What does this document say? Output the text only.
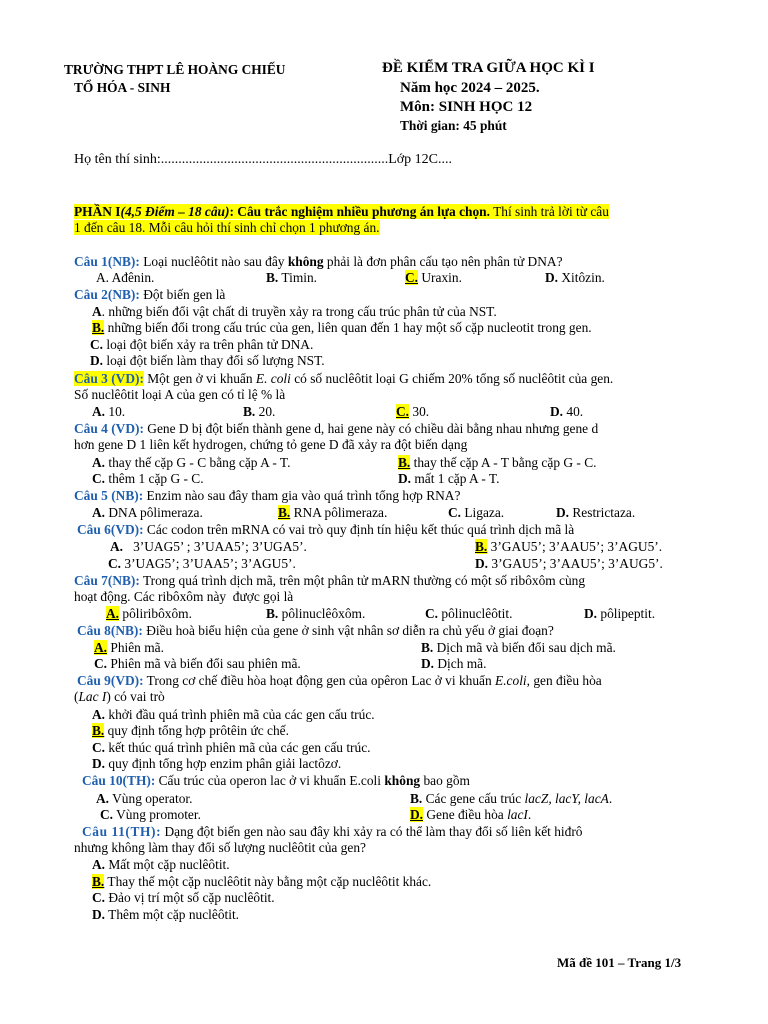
TRƯỜNG THPT LÊ HOÀNG CHIẾU
TỔ HÓA - SINH
ĐỀ KIỂM TRA GIỮA HỌC KÌ I
Năm học 2024 – 2025.
Môn: SINH HỌC 12
Thời gian: 45 phút
Họ tên thí sinh:.................................................................Lớp 12C....
PHẦN I(4,5 Điểm – 18 câu): Câu trắc nghiệm nhiều phương án lựa chọn. Thí sinh trả lời từ câu
1 đến câu 18. Mỗi câu hỏi thí sinh chỉ chọn 1 phương án.
Câu 1(NB): Loại nuclêôtit nào sau đây không phải là đơn phân cấu tạo nên phân tử DNA?
A. Ađênin.	B. Timin.	C. Uraxin.	D. Xitôzin.
Câu 2(NB): Đột biến gen là
A. những biến đổi vật chất di truyền xảy ra trong cấu trúc phân tử của NST.
B. những biến đổi trong cấu trúc của gen, liên quan đến 1 hay một số cặp nucleotit trong gen.
C. loại đột biến xảy ra trên phân tử DNA.
D. loại đột biến làm thay đổi số lượng NST.
Câu 3 (VD): Một gen ở vi khuẩn E. coli có số nuclêôtit loại G chiếm 20% tổng số nuclêôtit của gen.
Số nuclêôtit loại A của gen có tỉ lệ % là
A. 10.	B. 20.	C. 30.	D. 40.
Câu 4 (VD): Gene D bị đột biến thành gene d, hai gene này có chiều dài bằng nhau nhưng gene d
hơn gene D 1 liên kết hydrogen, chứng tỏ gene D đã xảy ra đột biến dạng
A. thay thế cặp G - C bằng cặp A - T.	B. thay thế cặp A - T bằng cặp G - C.
C. thêm 1 cặp G - C.	D. mất 1 cặp A - T.
Câu 5 (NB): Enzim nào sau đây tham gia vào quá trình tổng hợp RNA?
A. DNA pôlimeraza.	B. RNA pôlimeraza.	C. Ligaza.	D. Restrictaza.
Câu 6(VD): Các codon trên mRNA có vai trò quy định tín hiệu kết thúc quá trình dịch mã là
A.   3’UAG5’ ; 3’UAA5’; 3’UGA5’.	B. 3’GAU5’; 3’AAU5’; 3’AGU5’.
C. 3’UAG5’; 3’UAA5’; 3’AGU5’.	D. 3’GAU5’; 3’AAU5’; 3’AUG5’.
Câu 7(NB): Trong quá trình dịch mã, trên một phân tử mARN thường có một số ribôxôm cùng
hoạt động. Các ribôxôm này  được gọi là
A. pôliribôxôm.	B. pôlinuclêôxôm.	C. pôlinuclêôtit.	D. pôlipeptit.
Câu 8(NB): Điều hoà biểu hiện của gene ở sinh vật nhân sơ diễn ra chủ yếu ở giai đoạn?
A. Phiên mã.	B. Dịch mã và biến đổi sau dịch mã.
C. Phiên mã và biến đổi sau phiên mã.	D. Dịch mã.
Câu 9(VD): Trong cơ chế điều hòa hoạt động gen của opêron Lac ở vi khuẩn E.coli, gen điều hòa
(Lac I) có vai trò
A. khởi đầu quá trình phiên mã của các gen cấu trúc.
B. quy định tổng hợp prôtêin ức chế.
C. kết thúc quá trình phiên mã của các gen cấu trúc.
D. quy định tổng hợp enzim phân giải lactôzơ.
Câu 10(TH): Cấu trúc của operon lac ở vi khuẩn E.coli không bao gồm
A. Vùng operator.	B. Các gene cấu trúc lacZ, lacY, lacA.
C. Vùng promoter.	D. Gene điều hòa lacI.
Câu 11(TH): Dạng đột biến gen nào sau đây khi xảy ra có thể làm thay đổi số liên kết hiđrô
nhưng không làm thay đổi số lượng nuclêôtit của gen?
A. Mất một cặp nuclêôtit.
B. Thay thế một cặp nuclêôtit này bằng một cặp nuclêôtit khác.
C. Đảo vị trí một số cặp nuclêôtit.
D. Thêm một cặp nuclêôtit.
Mã đề 101 – Trang 1/3
